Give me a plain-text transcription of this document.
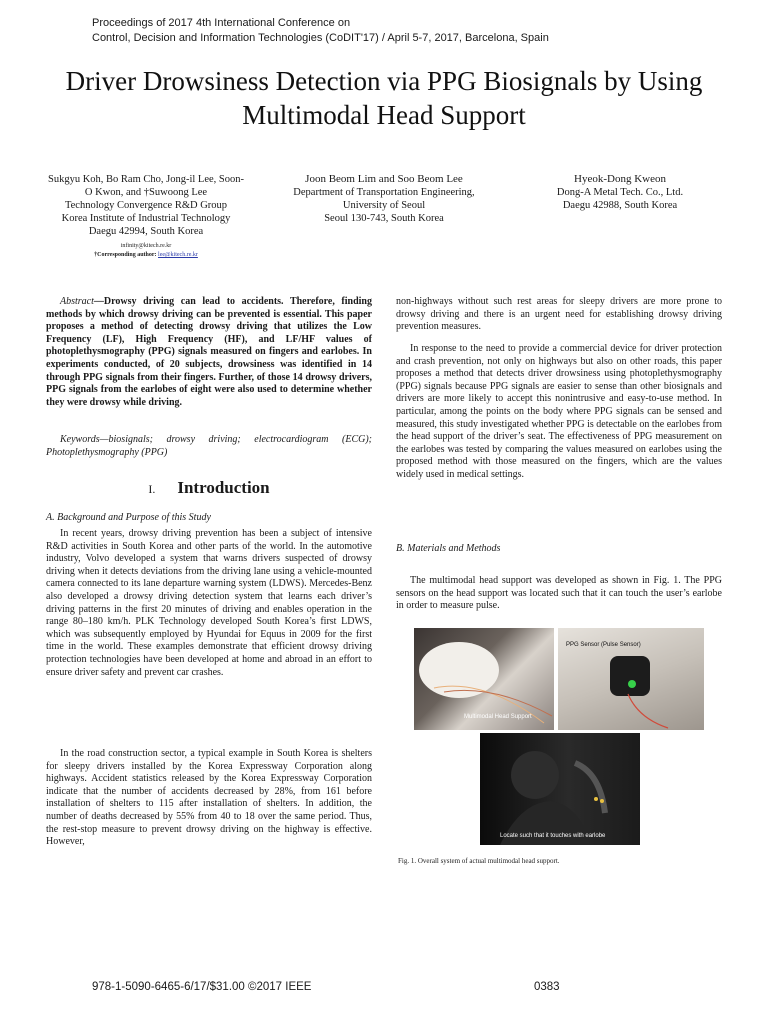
Proceedings of 2017 4th International Conference on
Control, Decision and Information Technologies (CoDIT'17) / April 5-7, 2017, Barcelona, Spain
Driver Drowsiness Detection via PPG Biosignals by Using Multimodal Head Support
Sukgyu Koh, Bo Ram Cho, Jong-il Lee, Soon-O Kwon, and †Suwoong Lee
Technology Convergence R&D Group
Korea Institute of Industrial Technology
Daegu 42994, South Korea
infinity@kitech.re.kr
†Corresponding author: lee@kitech.re.kr
Joon Beom Lim and Soo Beom Lee
Department of Transportation Engineering,
University of Seoul
Seoul 130-743, South Korea
Hyeok-Dong Kweon
Dong-A Metal Tech. Co., Ltd.
Daegu 42988, South Korea

Abstract—Drowsy driving can lead to accidents. Therefore, finding methods by which drowsy driving can be prevented is essential. This paper proposes a method of detecting drowsy driving that utilizes the Low Frequency (LF), High Frequency (HF), and LF/HF values of photoplethysmography (PPG) signals measured on fingers and earlobes. In experiments conducted, of 20 subjects, drowsiness was identified in 14 through PPG signals from their fingers. Further, of those 14 drowsy drivers, PPG signals from the earlobes of eight were also used to determine whether they were drowsy while driving.

Keywords—biosignals; drowsy driving; electrocardiogram (ECG); Photoplethysmography (PPG)

I. Introduction
A. Background and Purpose of this Study

In recent years, drowsy driving prevention has been a subject of intensive R&D activities in South Korea and other parts of the world. In the automotive industry, Volvo developed a system that warns drivers suspected of drowsy driving when it detects deviations from the driving lane using a vehicle-mounted camera connected to its lane departure warning system (LDWS). Mercedes-Benz also developed a drowsy driving detection system that learns each driver’s driving patterns in the first 20 minutes of driving and enables operation in the range 80–180 km/h. PLK Technology developed South Korea’s first LDWS, which was subsequently employed by Hyundai for Equus in 2009 for the first time in the world. These examples demonstrate that efficient drowsy driving protection technologies have been developed at home and abroad in an effort to ensure driver safety and prevent car crashes.

In the road construction sector, a typical example in South Korea is shelters for sleepy drivers installed by the Korea Expressway Corporation along highways. Accident statistics released by the Korea Expressway Corporation indicate that the number of accidents decreased by 28%, from 161 before installation of shelters to 115 after installation of shelters. In addition, the number of deaths decreased by 55% from 40 to 18 over the same period. Thus, the rest-stop measure to prevent drowsy driving on the highway is effective. However,

non-highways without such rest areas for sleepy drivers are more prone to drowsy driving and there is an urgent need for establishing drowsy driving prevention measures.

In response to the need to provide a commercial device for driver protection and crash prevention, not only on highways but also on other roads, this paper proposes a method that detects driver drowsiness using photoplethysmography (PPG) signals because PPG signals are easier to sense than other biosignals and drivers are more likely to accept this nonintrusive and easy-to-use method. In particular, among the points on the body where PPG signals can be sensed and measured, this study investigated whether PPG is detectable on the earlobes from the head support of the driver’s seat. The effectiveness of PPG measurement on the earlobes was tested by comparing the values measured on earlobes using the proposed method with those measured on the fingers, which are the values widely used in medical settings.

B. Materials and Methods

The multimodal head support was developed as shown in Fig. 1. The PPG sensors on the head support was located such that it can touch the user’s earlobe in order to measure pulse.

Multimodal Head Support
PPG Sensor (Pulse Sensor)
Locate such that it touches with earlobe
Fig. 1. Overall system of actual multimodal head support.
978-1-5090-6465-6/17/$31.00 ©2017 IEEE	0383
